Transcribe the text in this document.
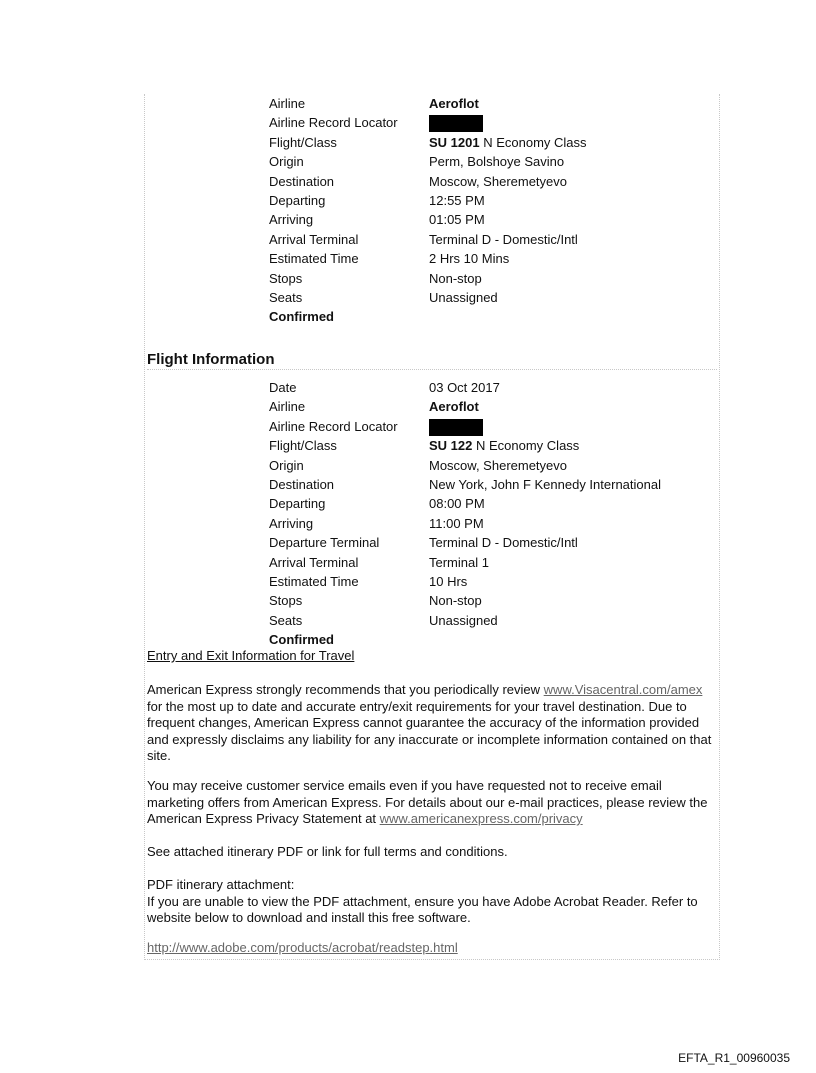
Airline	Aeroflot
Airline Record Locator
Flight/Class	SU 1201 N Economy Class
Origin	Perm, Bolshoye Savino
Destination	Moscow, Sheremetyevo
Departing	12:55 PM
Arriving	01:05 PM
Arrival Terminal	Terminal D - Domestic/Intl
Estimated Time	2 Hrs 10 Mins
Stops	Non-stop
Seats	Unassigned
Confirmed
Flight Information
Date	03 Oct 2017
Airline	Aeroflot
Airline Record Locator
Flight/Class	SU 122 N Economy Class
Origin	Moscow, Sheremetyevo
Destination	New York, John F Kennedy International
Departing	08:00 PM
Arriving	11:00 PM
Departure Terminal	Terminal D - Domestic/Intl
Arrival Terminal	Terminal 1
Estimated Time	10 Hrs
Stops	Non-stop
Seats	Unassigned
Confirmed
Entry and Exit Information for Travel
American Express strongly recommends that you periodically review www.Visacentral.com/amex for the most up to date and accurate entry/exit requirements for your travel destination. Due to frequent changes, American Express cannot guarantee the accuracy of the information provided and expressly disclaims any liability for any inaccurate or incomplete information contained on that site.
You may receive customer service emails even if you have requested not to receive email marketing offers from American Express. For details about our e-mail practices, please review the American Express Privacy Statement at www.americanexpress.com/privacy
See attached itinerary PDF or link for full terms and conditions.
PDF itinerary attachment:
If you are unable to view the PDF attachment, ensure you have Adobe Acrobat Reader. Refer to website below to download and install this free software.
http://www.adobe.com/products/acrobat/readstep.html
EFTA_R1_00960035
